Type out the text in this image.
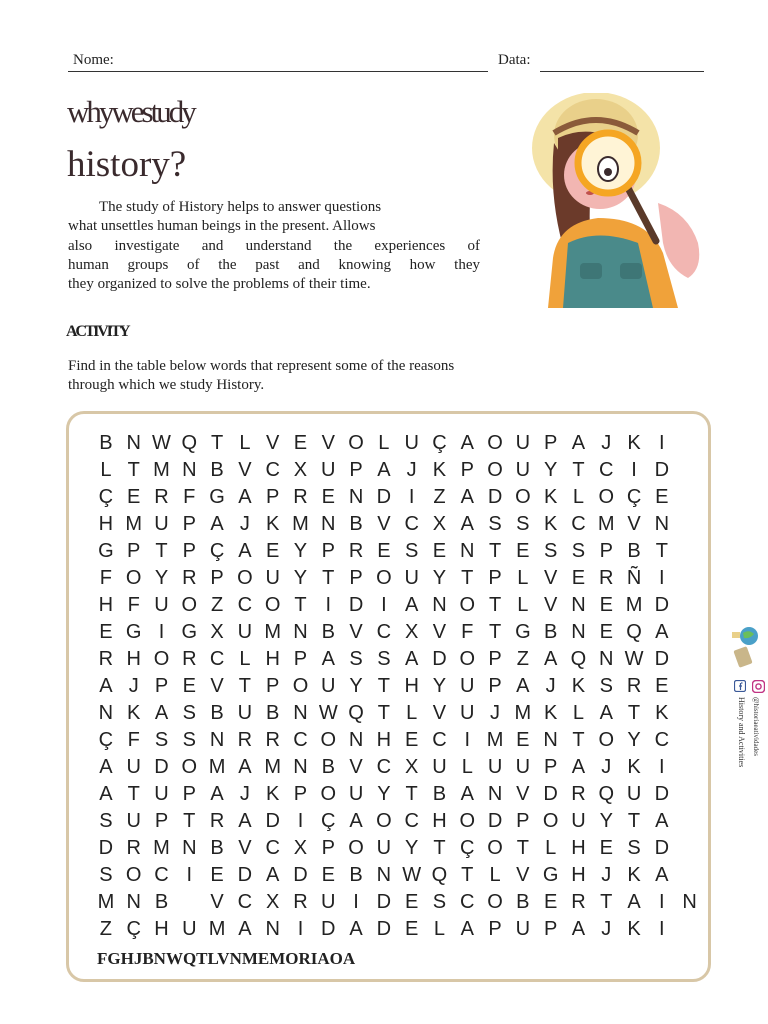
Nome:	Data:
whywestudy
history?
The study of History helps to answer questions
what unsettles human beings in the present. Allows
also investigate and understand the experiences of
human groups of the past and knowing how they
they organized to solve the problems of their time.
ACTIVITY
Find in the table below words that represent some of the reasons
through which we study History.
B N W Q T L V E V O L U Ç A O U P A J K I
L T M N B V C X U P A J K P O U Y T C I D
Ç E R F G A P R E N D I Z A D O K L O Ç E
H M U P A J K M N B V C X A S S K C M V N
G P T P Ç A E Y P R E S E N T E S S P B T
F O Y R P O U Y T P O U Y T P L V E R Ñ I
H F U O Z C O T I D I A N O T L V N E M D
E G I G X U M N B V C X V F T G B N E Q A
R H O R C L H P A S S A D O P Z A Q N W D
A J P E V T P O U Y T H Y U P A J K S R E
N K A S B U B N W Q T L V U J M K L A T K
Ç F S S N R R C O N H E C I M E N T O Y C
A U D O M A M N B V C X U L U U P A J K I
A T U P A J K P O U Y T B A N V D R Q U D
S U P T R A D I Ç A O C H O D P O U Y T A
D R M N B V C X P O U Y T Ç O T L H E S D
S O C I E D A D E B N W Q T L V G H J K A
M N B V C X R U I D E S C O B E R T A I N
Z Ç H U M A N I D A D E L A P U P A J K I
FGHJBNWQTLVNMEMORIAOA
@historiaeatividades
History and Activities
